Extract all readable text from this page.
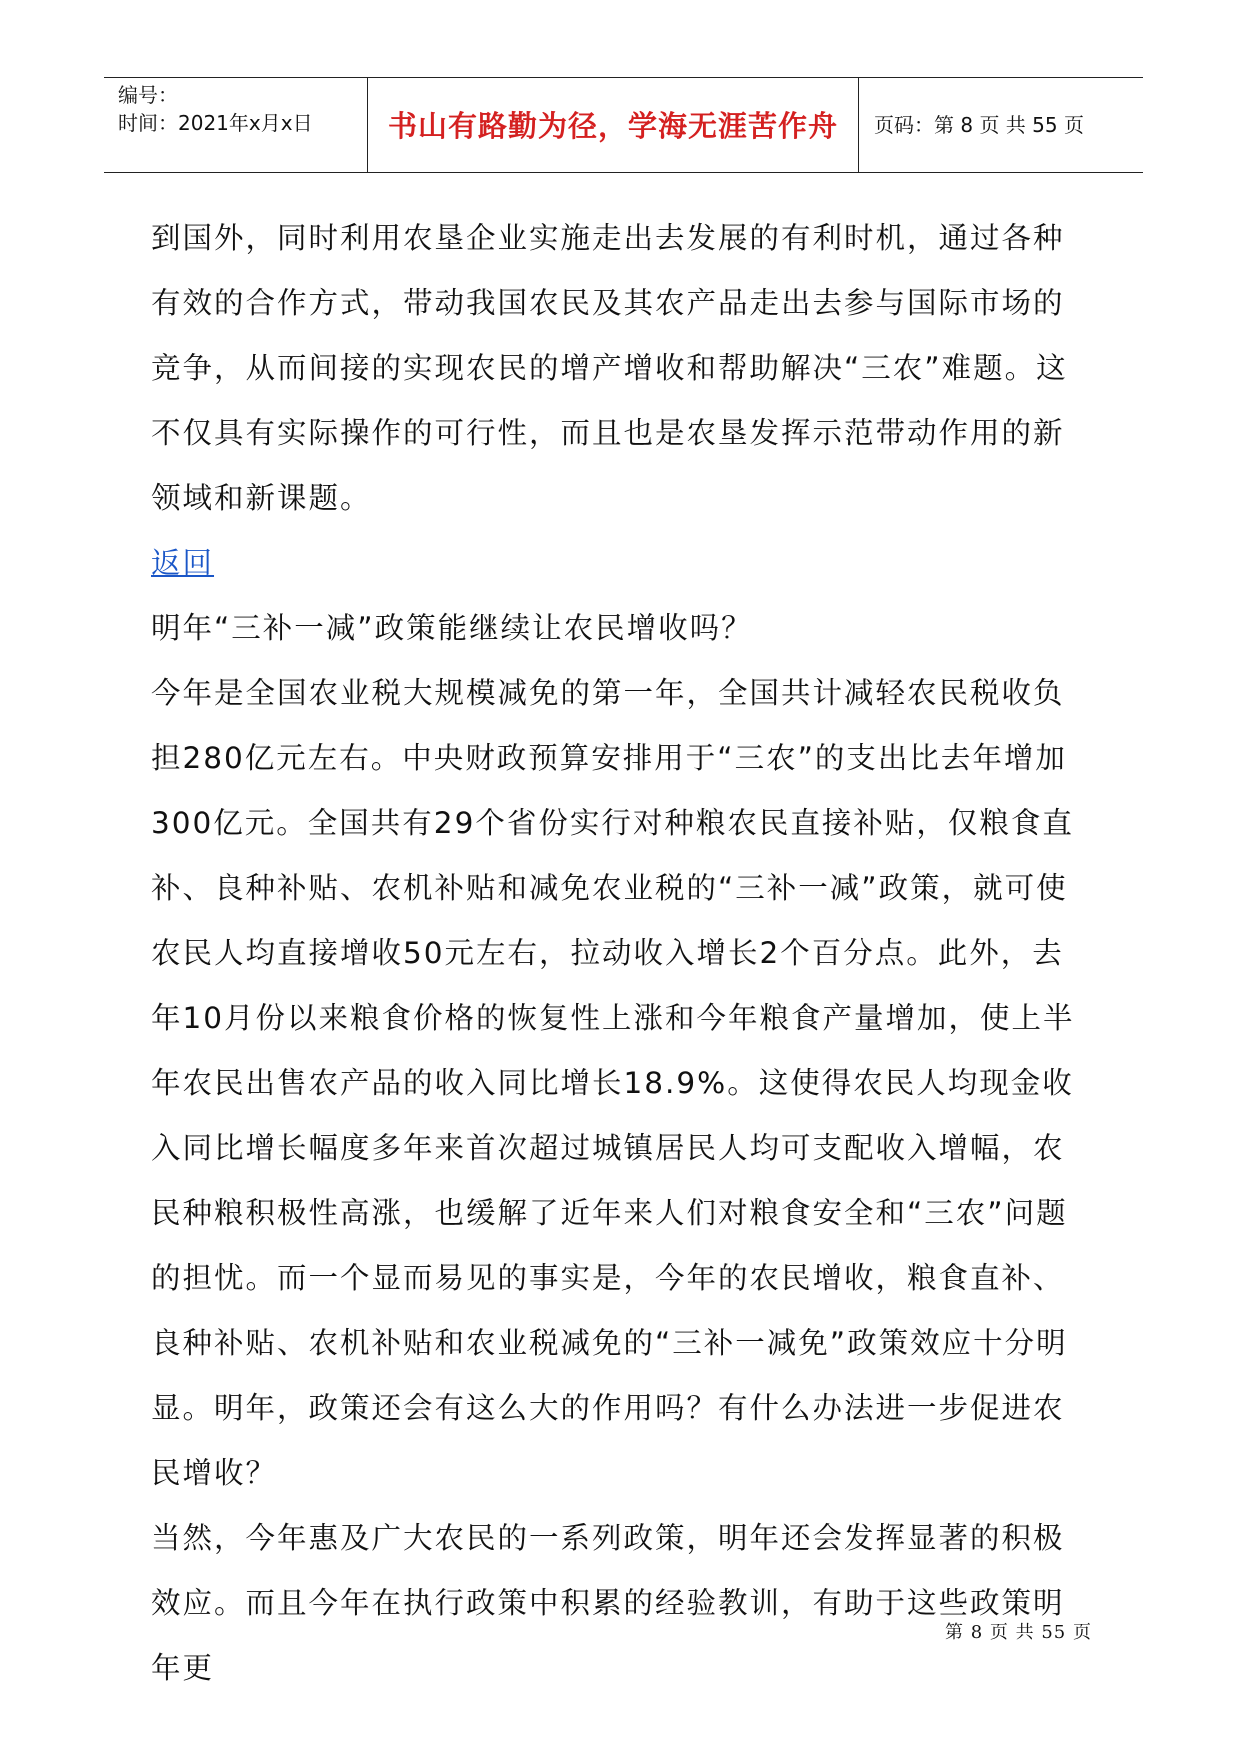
编号：
时间：2021年x月x日	书山有路勤为径，学海无涯苦作舟	页码：第 8 页 共 55 页

到国外，同时利用农垦企业实施走出去发展的有利时机，通过各种有效的合作方式，带动我国农民及其农产品走出去参与国际市场的竞争，从而间接的实现农民的增产增收和帮助解决“三农”难题。这不仅具有实际操作的可行性，而且也是农垦发挥示范带动作用的新领域和新课题。

返回

明年“三补一减”政策能继续让农民增收吗？

今年是全国农业税大规模减免的第一年，全国共计减轻农民税收负担280亿元左右。中央财政预算安排用于“三农”的支出比去年增加300亿元。全国共有29个省份实行对种粮农民直接补贴，仅粮食直补、良种补贴、农机补贴和减免农业税的“三补一减”政策，就可使农民人均直接增收50元左右，拉动收入增长2个百分点。此外，去年10月份以来粮食价格的恢复性上涨和今年粮食产量增加，使上半年农民出售农产品的收入同比增长18.9%。这使得农民人均现金收入同比增长幅度多年来首次超过城镇居民人均可支配收入增幅，农民种粮积极性高涨，也缓解了近年来人们对粮食安全和“三农”问题的担忧。而一个显而易见的事实是，今年的农民增收，粮食直补、良种补贴、农机补贴和农业税减免的“三补一减免”政策效应十分明显。明年，政策还会有这么大的作用吗？有什么办法进一步促进农民增收？

当然，今年惠及广大农民的一系列政策，明年还会发挥显著的积极效应。而且今年在执行政策中积累的经验教训，有助于这些政策明年更

第 8 页 共 55 页
